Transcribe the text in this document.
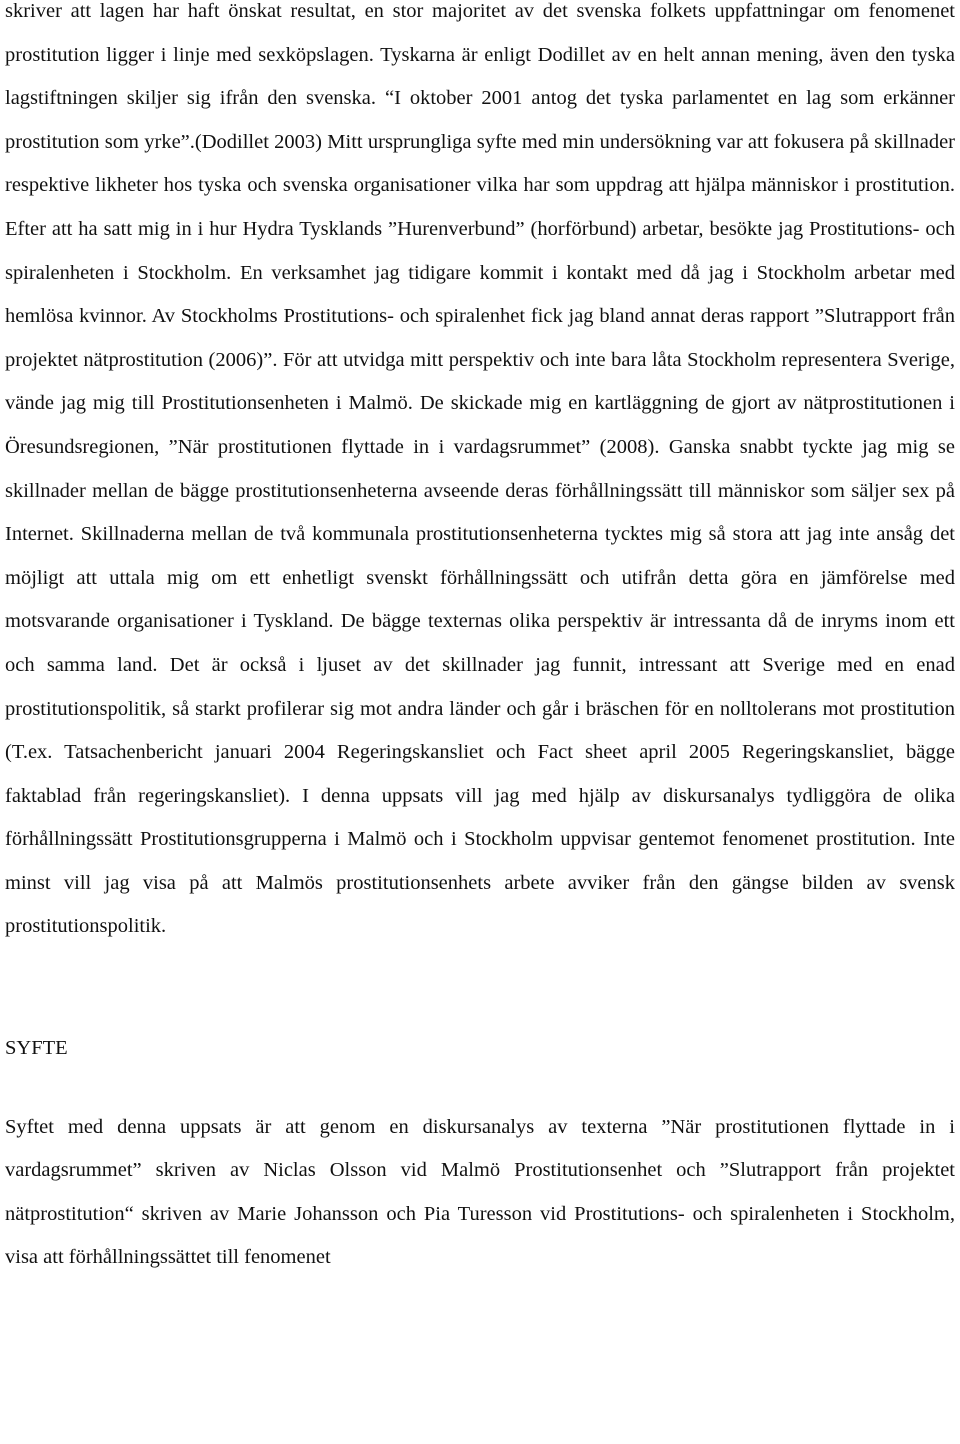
skriver att lagen har haft önskat resultat, en stor majoritet av det svenska folkets uppfattningar om fenomenet prostitution ligger i linje med sexköpslagen. Tyskarna är enligt Dodillet av en helt annan mening, även den tyska lagstiftningen skiljer sig ifrån den svenska. “I oktober 2001 antog det tyska parlamentet en lag som erkänner prostitution som yrke”.(Dodillet 2003) Mitt ursprungliga syfte med min undersökning var att fokusera på skillnader respektive likheter hos tyska och svenska organisationer vilka har som uppdrag att hjälpa människor i prostitution. Efter att ha satt mig in i hur Hydra Tysklands ”Hurenverbund” (horförbund) arbetar, besökte jag Prostitutions- och spiralenheten i Stockholm. En verksamhet jag tidigare kommit i kontakt med då jag i Stockholm arbetar med hemlösa kvinnor. Av Stockholms Prostitutions- och spiralenhet fick jag bland annat deras rapport ”Slutrapport från projektet nätprostitution (2006)”. För att utvidga mitt perspektiv och inte bara låta Stockholm representera Sverige, vände jag mig till Prostitutionsenheten i Malmö. De skickade mig en kartläggning de gjort av nätprostitutionen i Öresundsregionen, ”När prostitutionen flyttade in i vardagsrummet” (2008). Ganska snabbt tyckte jag mig se skillnader mellan de bägge prostitutionsenheterna avseende deras förhållningssätt till människor som säljer sex på Internet. Skillnaderna mellan de två kommunala prostitutionsenheterna tycktes mig så stora att jag inte ansåg det möjligt att uttala mig om ett enhetligt svenskt förhållningssätt och utifrån detta göra en jämförelse med motsvarande organisationer i Tyskland. De bägge texternas olika perspektiv är intressanta då de inryms inom ett och samma land. Det är också i ljuset av det skillnader jag funnit, intressant att Sverige med en enad prostitutionspolitik, så starkt profilerar sig mot andra länder och går i bräschen för en nolltolerans mot prostitution (T.ex. Tatsachenbericht januari 2004 Regeringskansliet och Fact sheet april 2005 Regeringskansliet, bägge faktablad från regeringskansliet). I denna uppsats vill jag med hjälp av diskursanalys tydliggöra de olika förhållningssätt Prostitutionsgrupperna i Malmö och i Stockholm uppvisar gentemot fenomenet prostitution. Inte minst vill jag visa på att Malmös prostitutionsenhets arbete avviker från den gängse bilden av svensk prostitutionspolitik.

SYFTE

Syftet med denna uppsats är att genom en diskursanalys av texterna ”När prostitutionen flyttade in i vardagsrummet” skriven av Niclas Olsson vid Malmö Prostitutionsenhet och ”Slutrapport från projektet nätprostitution“ skriven av Marie Johansson och Pia Turesson vid Prostitutions- och spiralenheten i Stockholm, visa att förhållningssättet till fenomenet
